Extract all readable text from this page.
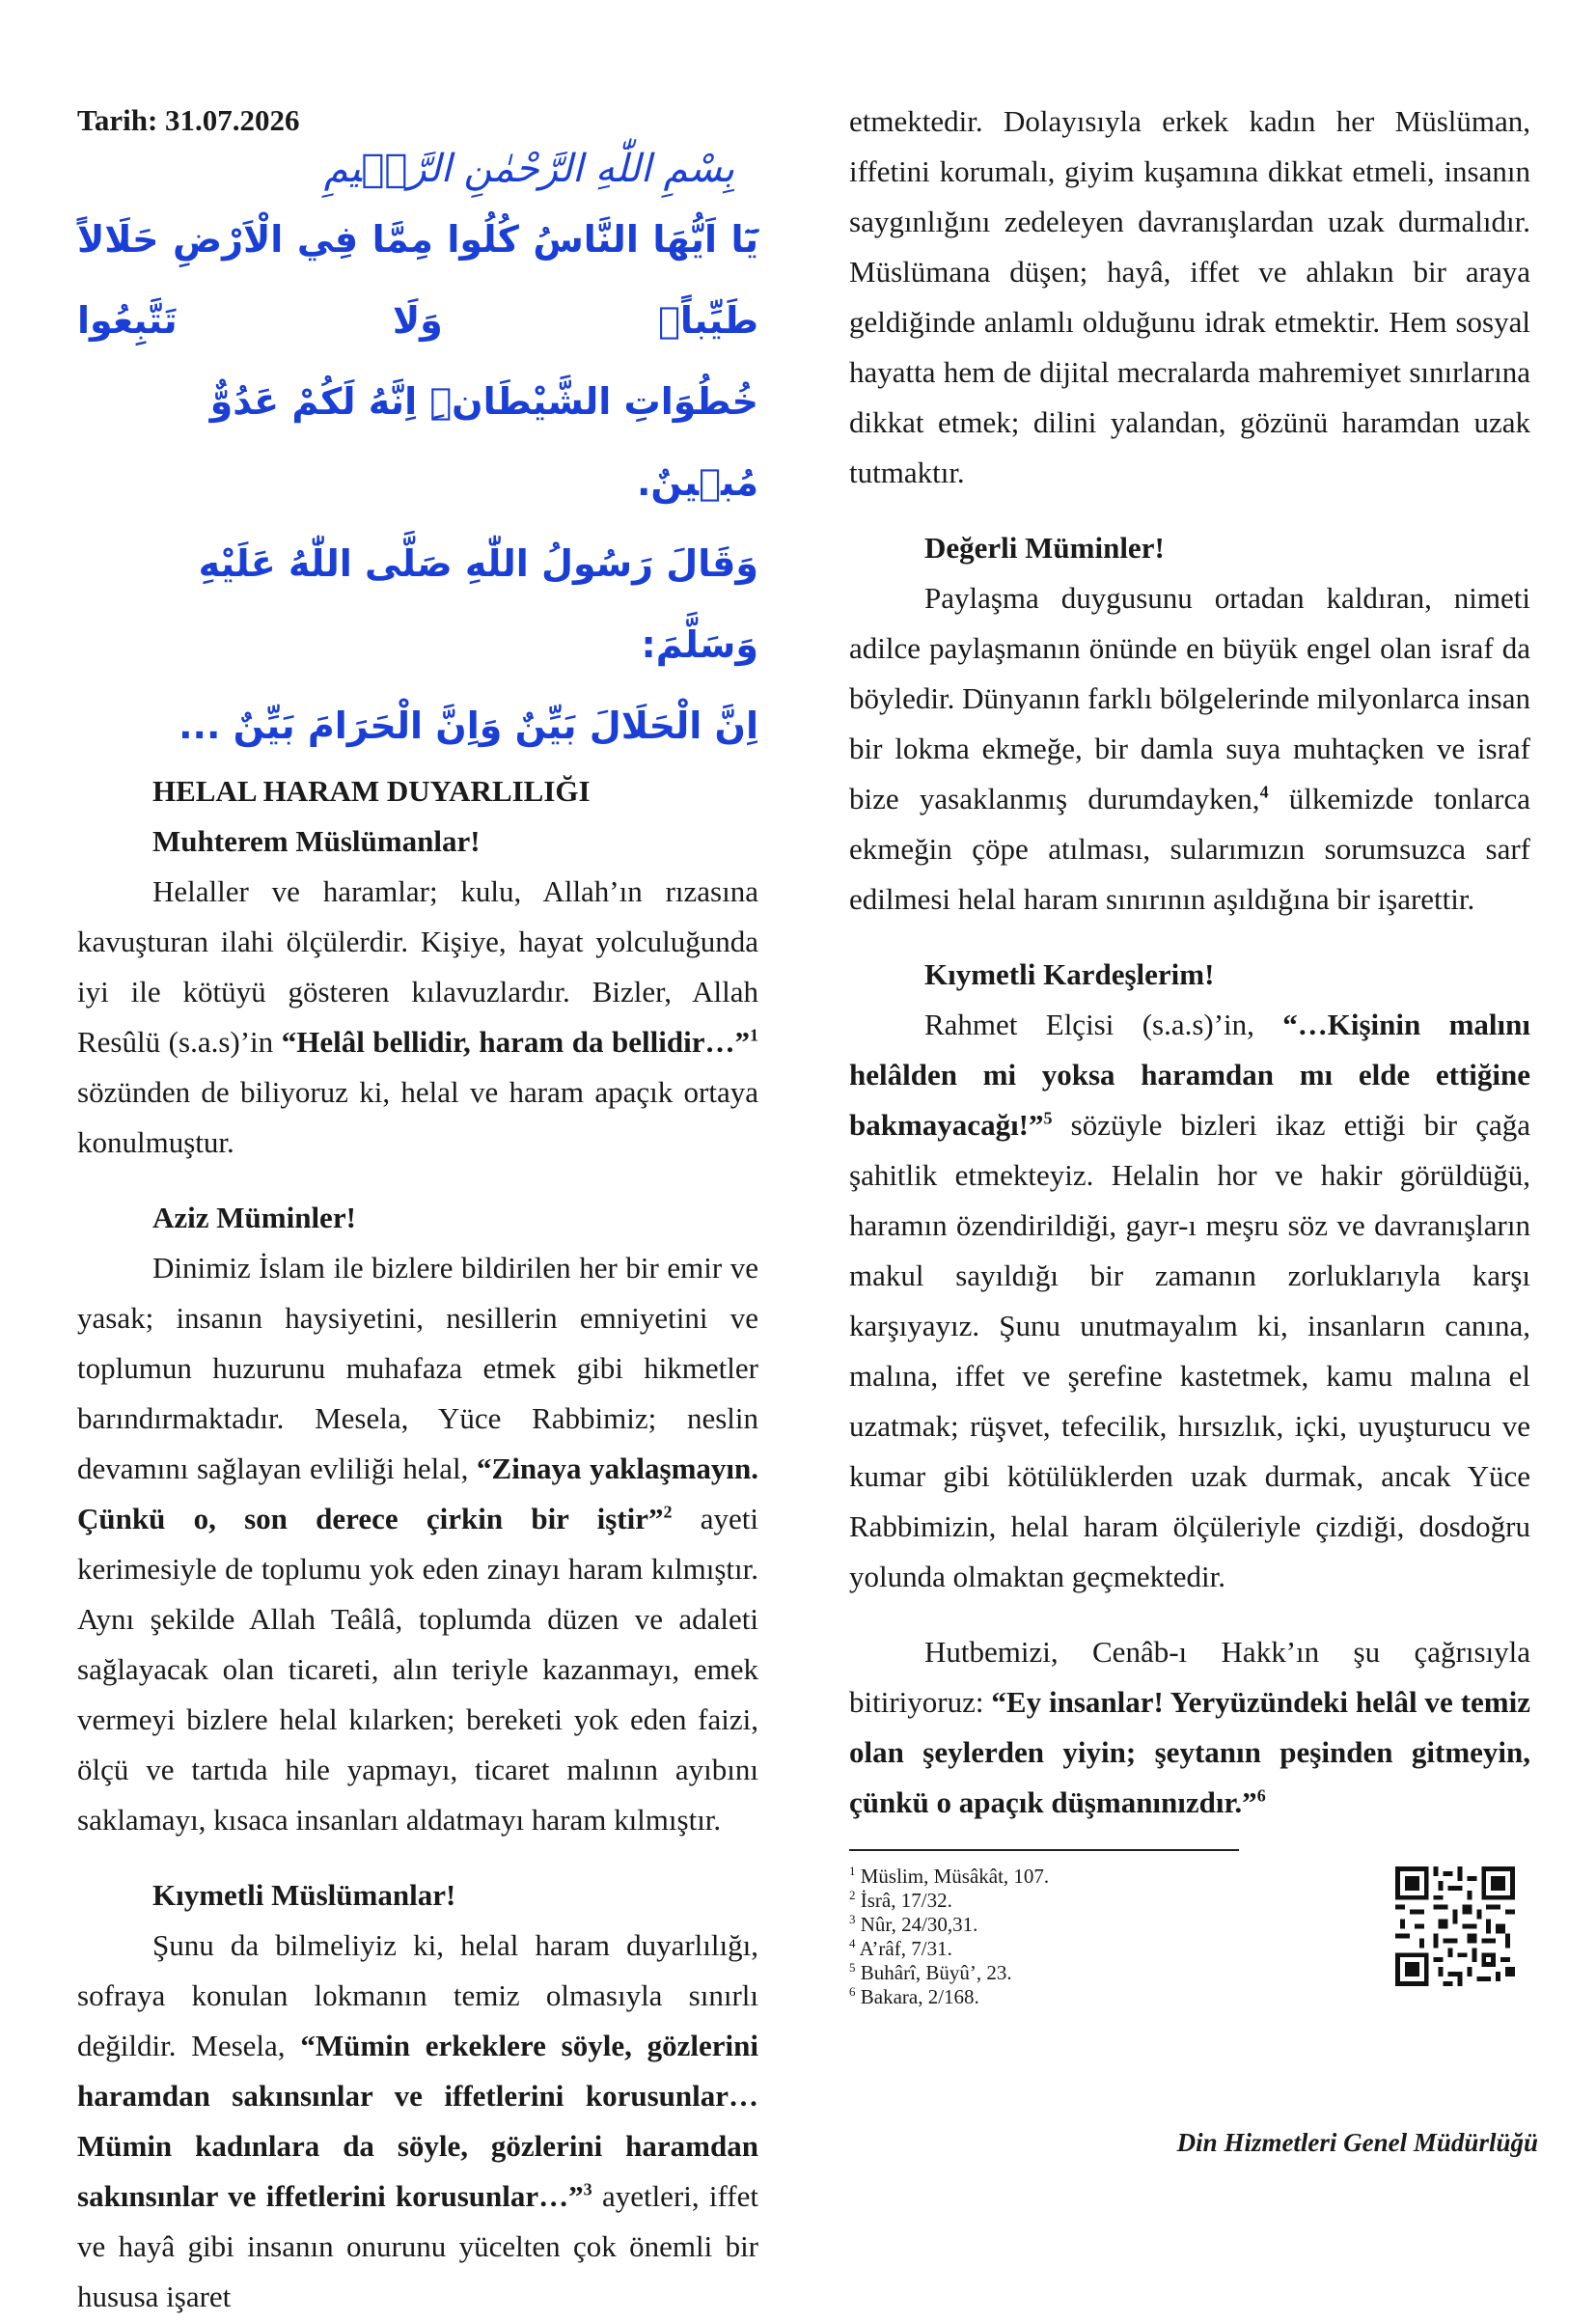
Tarih: 31.07.2026

بِسْمِ اللّٰهِ الرَّحْمٰنِ الرَّح۪يمِ

يَٓا اَيُّهَا النَّاسُ كُلُوا مِمَّا فِي الْاَرْضِ حَلَالاً طَيِّباًۘ وَلَا تَتَّبِعُوا

خُطُوَاتِ الشَّيْطَانِۜ اِنَّهُ لَكُمْ عَدُوٌّ مُب۪ينٌ.

وَقَالَ رَسُولُ اللّٰهِ صَلَّى اللّٰهُ عَلَيْهِ وَسَلَّمَ:

اِنَّ الْحَلَالَ بَيِّنٌ وَاِنَّ الْحَرَامَ بَيِّنٌ ...

HELAL HARAM DUYARLILIĞI

Muhterem Müslümanlar!

Helaller ve haramlar; kulu, Allah’ın rızasına kavuşturan ilahi ölçülerdir. Kişiye, hayat yolculuğunda iyi ile kötüyü gösteren kılavuzlardır. Bizler, Allah Resûlü (s.a.s)’in “Helâl bellidir, haram da bellidir…”$^1$ sözünden de biliyoruz ki, helal ve haram apaçık ortaya konulmuştur.

Aziz Müminler!

Dinimiz İslam ile bizlere bildirilen her bir emir ve yasak; insanın haysiyetini, nesillerin emniyetini ve toplumun huzurunu muhafaza etmek gibi hikmetler barındırmaktadır. Mesela, Yüce Rabbimiz; neslin devamını sağlayan evliliği helal, “Zinaya yaklaşmayın. Çünkü o, son derece çirkin bir iştir”$^2$ ayeti kerimesiyle de toplumu yok eden zinayı haram kılmıştır. Aynı şekilde Allah Teâlâ, toplumda düzen ve adaleti sağlayacak olan ticareti, alın teriyle kazanmayı, emek vermeyi bizlere helal kılarken; bereketi yok eden faizi, ölçü ve tartıda hile yapmayı, ticaret malının ayıbını saklamayı, kısaca insanları aldatmayı haram kılmıştır.

Kıymetli Müslümanlar!

Şunu da bilmeliyiz ki, helal haram duyarlılığı, sofraya konulan lokmanın temiz olmasıyla sınırlı değildir. Mesela, “Mümin erkeklere söyle, gözlerini haramdan sakınsınlar ve iffetlerini korusunlar… Mümin kadınlara da söyle, gözlerini haramdan sakınsınlar ve iffetlerini korusunlar…”$^3$ ayetleri, iffet ve hayâ gibi insanın onurunu yücelten çok önemli bir hususa işaret

etmektedir. Dolayısıyla erkek kadın her Müslüman, iffetini korumalı, giyim kuşamına dikkat etmeli, insanın saygınlığını zedeleyen davranışlardan uzak durmalıdır. Müslümana düşen; hayâ, iffet ve ahlakın bir araya geldiğinde anlamlı olduğunu idrak etmektir. Hem sosyal hayatta hem de dijital mecralarda mahremiyet sınırlarına dikkat etmek; dilini yalandan, gözünü haramdan uzak tutmaktır.

Değerli Müminler!

Paylaşma duygusunu ortadan kaldıran, nimeti adilce paylaşmanın önünde en büyük engel olan israf da böyledir. Dünyanın farklı bölgelerinde milyonlarca insan bir lokma ekmeğe, bir damla suya muhtaçken ve israf bize yasaklanmış durumdayken,$^4$ ülkemizde tonlarca ekmeğin çöpe atılması, sularımızın sorumsuzca sarf edilmesi helal haram sınırının aşıldığına bir işarettir.

Kıymetli Kardeşlerim!

Rahmet Elçisi (s.a.s)’in, “…Kişinin malını helâlden mi yoksa haramdan mı elde ettiğine bakmayacağı!”$^5$ sözüyle bizleri ikaz ettiği bir çağa şahitlik etmekteyiz. Helalin hor ve hakir görüldüğü, haramın özendirildiği, gayr-ı meşru söz ve davranışların makul sayıldığı bir zamanın zorluklarıyla karşı karşıyayız. Şunu unutmayalım ki, insanların canına, malına, iffet ve şerefine kastetmek, kamu malına el uzatmak; rüşvet, tefecilik, hırsızlık, içki, uyuşturucu ve kumar gibi kötülüklerden uzak durmak, ancak Yüce Rabbimizin, helal haram ölçüleriyle çizdiği, dosdoğru yolunda olmaktan geçmektedir.

Hutbemizi, Cenâb-ı Hakk’ın şu çağrısıyla bitiriyoruz: “Ey insanlar! Yeryüzündeki helâl ve temiz olan şeylerden yiyin; şeytanın peşinden gitmeyin, çünkü o apaçık düşmanınızdır.”$^6$

$^1$ Müslim, Müsâkât, 107.
$^2$ İsrâ, 17/32.
$^3$ Nûr, 24/30,31.
$^4$ A’râf, 7/31.
$^5$ Buhârî, Büyû’, 23.
$^6$ Bakara, 2/168.
Din Hizmetleri Genel Müdürlüğü
